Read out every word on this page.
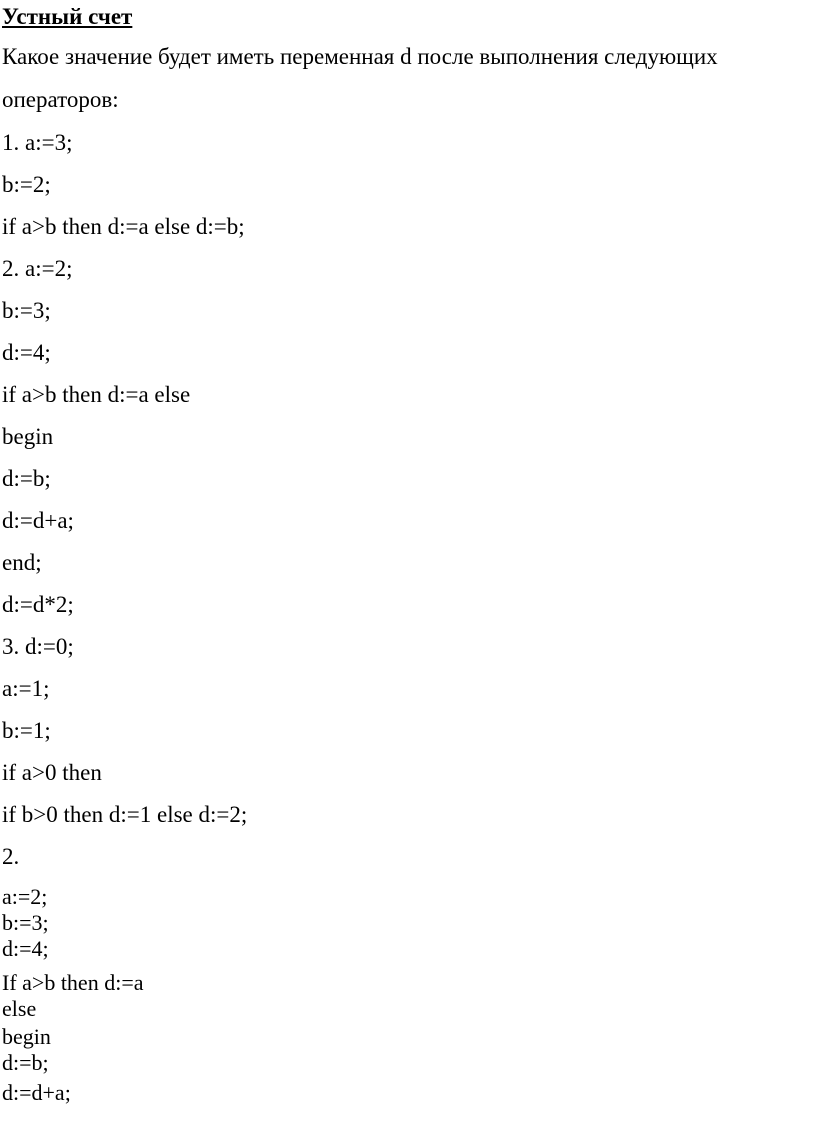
Устный счет

Какое значение будет иметь переменная d после выполнения следующих

операторов:

1. a:=3;

b:=2;

if a>b then d:=a else d:=b;

2. a:=2;

b:=3;

d:=4;

if a>b then d:=a else

begin

d:=b;

d:=d+a;

end;

d:=d*2;

3. d:=0;

a:=1;

b:=1;

if a>0 then

if b>0 then d:=1 else d:=2;

2.

a:=2;

b:=3;

d:=4;

If a>b then d:=a

else

begin

d:=b;

d:=d+a;
